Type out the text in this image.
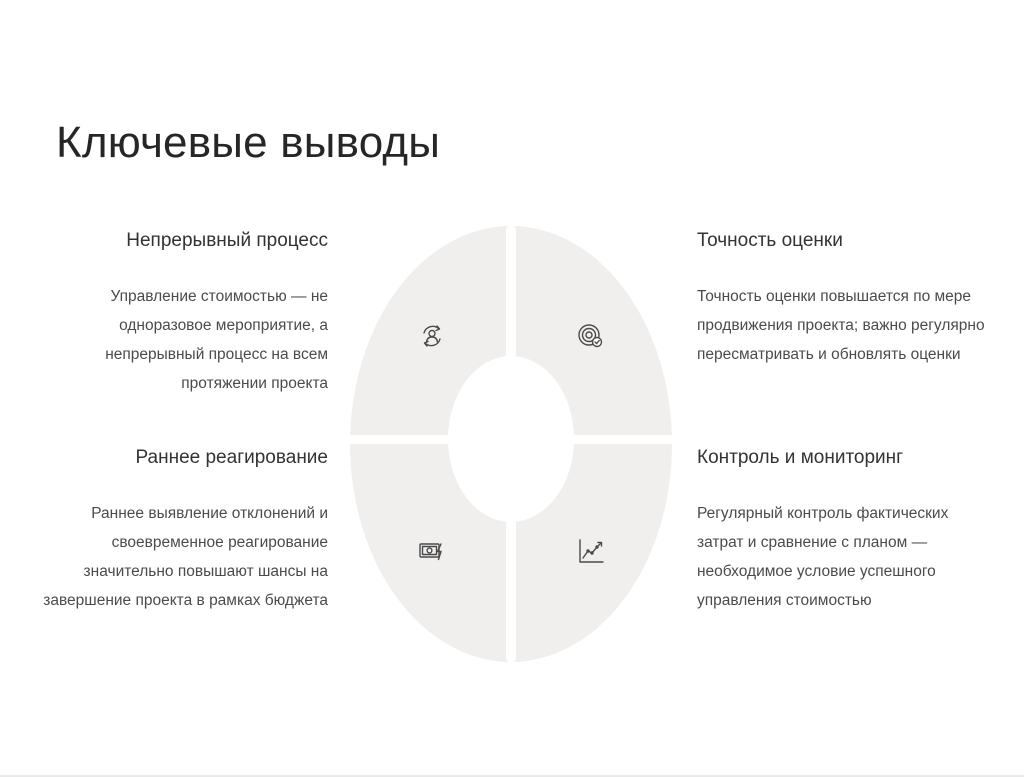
Ключевые выводы
Непрерывный процесс

Управление стоимостью — не одноразовое мероприятие, а непрерывный процесс на всем протяжении проекта

Точность оценки

Точность оценки повышается по мере продвижения проекта; важно регулярно пересматривать и обновлять оценки

Раннее реагирование

Раннее выявление отклонений и своевременное реагирование значительно повышают шансы на завершение проекта в рамках бюджета

Контроль и мониторинг

Регулярный контроль фактических затрат и сравнение с планом — необходимое условие успешного управления стоимостью
